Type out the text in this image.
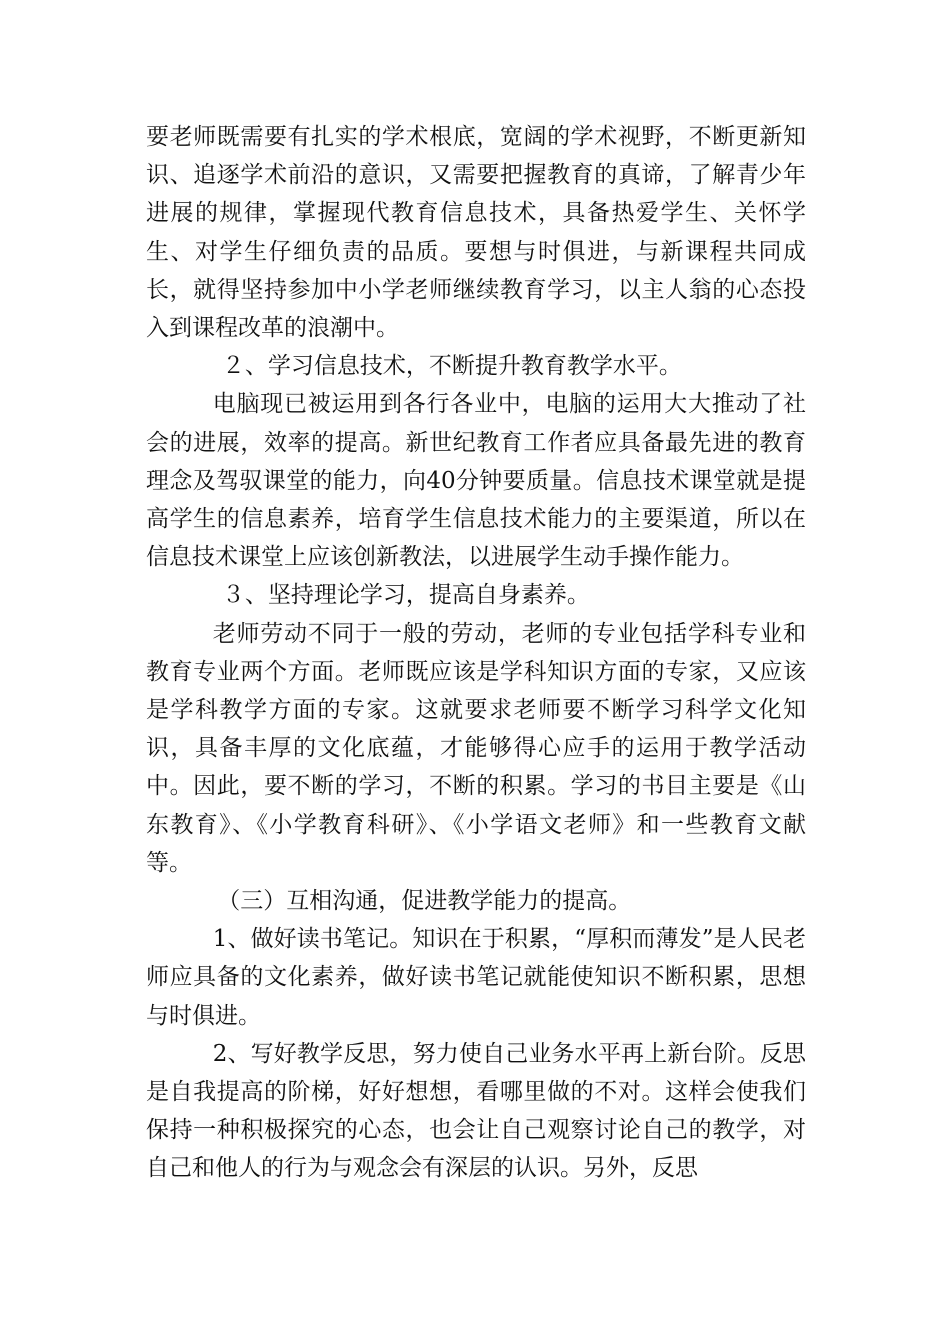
要老师既需要有扎实的学术根底，宽阔的学术视野，不断更新知识、追逐学术前沿的意识，又需要把握教育的真谛，了解青少年进展的规律，掌握现代教育信息技术，具备热爱学生、关怀学生、对学生仔细负责的品质。要想与时俱进，与新课程共同成长，就得坚持参加中小学老师继续教育学习，以主人翁的心态投入到课程改革的浪潮中。

２、学习信息技术，不断提升教育教学水平。

电脑现已被运用到各行各业中，电脑的运用大大推动了社会的进展，效率的提高。新世纪教育工作者应具备最先进的教育理念及驾驭课堂的能力，向40分钟要质量。信息技术课堂就是提高学生的信息素养，培育学生信息技术能力的主要渠道，所以在信息技术课堂上应该创新教法，以进展学生动手操作能力。

３、坚持理论学习，提高自身素养。

老师劳动不同于一般的劳动，老师的专业包括学科专业和教育专业两个方面。老师既应该是学科知识方面的专家，又应该是学科教学方面的专家。这就要求老师要不断学习科学文化知识，具备丰厚的文化底蕴，才能够得心应手的运用于教学活动中。因此，要不断的学习，不断的积累。学习的书目主要是《山东教育》、《小学教育科研》、《小学语文老师》和一些教育文献等。

（三）互相沟通，促进教学能力的提高。

1、做好读书笔记。知识在于积累，“厚积而薄发”是人民老师应具备的文化素养，做好读书笔记就能使知识不断积累，思想与时俱进。

2、写好教学反思，努力使自己业务水平再上新台阶。反思是自我提高的阶梯，好好想想，看哪里做的不对。这样会使我们保持一种积极探究的心态，也会让自己观察讨论自己的教学，对自己和他人的行为与观念会有深层的认识。另外，反思
